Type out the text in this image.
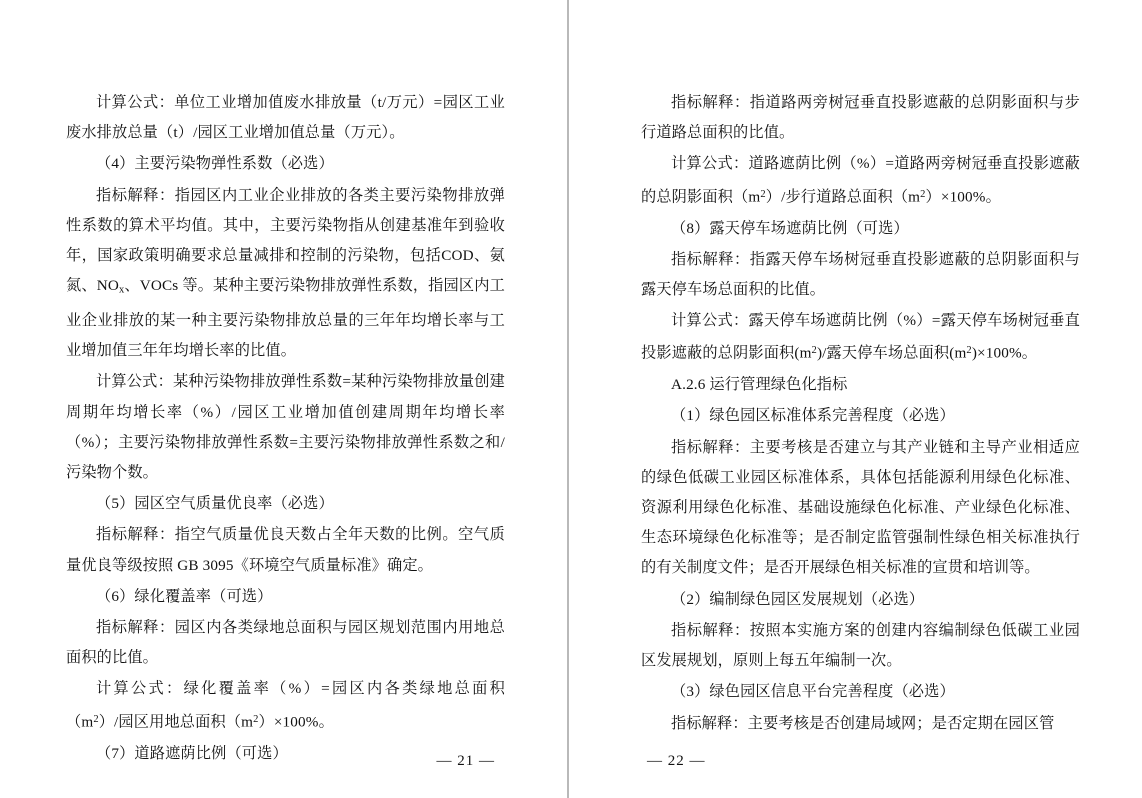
计算公式：单位工业增加值废水排放量（t/万元）=园区工业废水排放总量（t）/园区工业增加值总量（万元）。

（4）主要污染物弹性系数（必选）

指标解释：指园区内工业企业排放的各类主要污染物排放弹性系数的算术平均值。其中，主要污染物指从创建基准年到验收年，国家政策明确要求总量减排和控制的污染物，包括COD、氨氮、$NO_x$、VOCs 等。某种主要污染物排放弹性系数，指园区内工业企业排放的某一种主要污染物排放总量的三年年均增长率与工业增加值三年年均增长率的比值。

计算公式：某种污染物排放弹性系数=某种污染物排放量创建周期年均增长率（%）/园区工业增加值创建周期年均增长率（%）；主要污染物排放弹性系数=主要污染物排放弹性系数之和/污染物个数。

（5）园区空气质量优良率（必选）

指标解释：指空气质量优良天数占全年天数的比例。空气质量优良等级按照 GB 3095《环境空气质量标准》确定。

（6）绿化覆盖率（可选）

指标解释：园区内各类绿地总面积与园区规划范围内用地总面积的比值。

计算公式：绿化覆盖率（%）=园区内各类绿地总面积$(m^2)/$园区用地总面积$(m^2)\times 100\%$。

（7）道路遮荫比例（可选）	— 21 —

指标解释：指道路两旁树冠垂直投影遮蔽的总阴影面积与步行道路总面积的比值。

计算公式：道路遮荫比例（%）=道路两旁树冠垂直投影遮蔽的总阴影面积$(m^2)/$步行道路总面积$(m^2)\times 100\%$。

（8）露天停车场遮荫比例（可选）

指标解释：指露天停车场树冠垂直投影遮蔽的总阴影面积与露天停车场总面积的比值。

计算公式：露天停车场遮荫比例（%）=露天停车场树冠垂直投影遮蔽的总阴影面积$(m^2)/$露天停车场总面积$(m^2)\times 100\%$。

A.2.6 运行管理绿色化指标

（1）绿色园区标准体系完善程度（必选）

指标解释：主要考核是否建立与其产业链和主导产业相适应的绿色低碳工业园区标准体系，具体包括能源利用绿色化标准、资源利用绿色化标准、基础设施绿色化标准、产业绿色化标准、生态环境绿色化标准等；是否制定监管强制性绿色相关标准执行的有关制度文件；是否开展绿色相关标准的宣贯和培训等。

（2）编制绿色园区发展规划（必选）

指标解释：按照本实施方案的创建内容编制绿色低碳工业园区发展规划，原则上每五年编制一次。

（3）绿色园区信息平台完善程度（必选）

指标解释：主要考核是否创建局域网；是否定期在园区管

— 22 —
